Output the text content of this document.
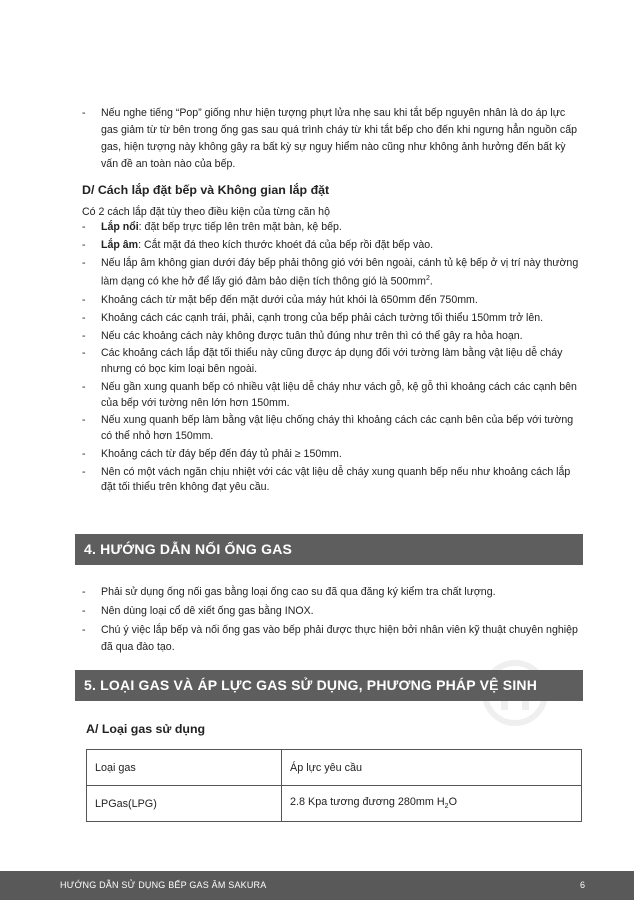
- Nếu nghe tiếng “Pop” giống như hiện tượng phựt lửa nhẹ sau khi tắt bếp nguyên nhân là do áp lực gas giảm từ từ bên trong ống gas sau quá trình cháy từ khi tắt bếp cho đến khi ngưng hẳn nguồn cấp gas, hiện tượng này không gây ra bất kỳ sự nguy hiểm nào cũng như không ảnh hưởng đến bất kỳ vấn đề an toàn nào của bếp.
D/ Cách lắp đặt bếp và Không gian lắp đặt
Có 2 cách lắp đặt tùy theo điều kiện của từng căn hộ
- Lắp nổi: đặt bếp trực tiếp lên trên mặt bàn, kệ bếp.
- Lắp âm: Cắt mặt đá theo kích thước khoét đá của bếp rồi đặt bếp vào.
- Nếu lắp âm không gian dưới đáy bếp phải thông gió với bên ngoài, cánh tủ kệ bếp ở vị trí này thường làm dạng có khe hở để lấy gió đảm bảo diện tích thông gió là $500mm^2$.
- Khoảng cách từ mặt bếp đến mặt dưới của máy hút khói là 650mm đến 750mm.
- Khoảng cách các cạnh trái, phải, cạnh trong của bếp phải cách tường tối thiểu 150mm trở lên.
- Nếu các khoảng cách này không được tuân thủ đúng như trên thì có thể gây ra hỏa hoạn.
- Các khoảng cách lắp đặt tối thiểu này cũng được áp dụng đối với tường làm bằng vật liệu dễ cháy nhưng có bọc kim loại bên ngoài.
- Nếu gần xung quanh bếp có nhiều vật liệu dễ cháy như vách gỗ, kệ gỗ thì khoảng cách các cạnh bên của bếp với tường nên lớn hơn 150mm.
- Nếu xung quanh bếp làm bằng vật liệu chống cháy thì khoảng cách các cạnh bên của bếp với tường có thể nhỏ hơn 150mm.
- Khoảng cách từ đáy bếp đến đáy tủ phải ≥ 150mm.
- Nên có một vách ngăn chịu nhiệt với các vật liệu dễ cháy xung quanh bếp nếu như khoảng cách lắp đặt tối thiểu trên không đạt yêu cầu.
4. HƯỚNG DẪN NỐI ỐNG GAS
- Phải sử dụng ống nối gas bằng loại ống cao su đã qua đăng ký kiểm tra chất lượng.
- Nên dùng loại cổ dê xiết ống gas bằng INOX.
- Chú ý việc lắp bếp và nối ống gas vào bếp phải được thực hiện bởi nhân viên kỹ thuật chuyên nghiệp đã qua đào tạo.
5. LOẠI GAS VÀ ÁP LỰC GAS SỬ DỤNG, PHƯƠNG PHÁP VỆ SINH
A/ Loại gas sử dụng
Loại gas	Áp lực yêu cầu
LPGas(LPG)	2.8 Kpa tương đương 280mm $H_2O$
HƯỚNG DẪN SỬ DỤNG BẾP GAS ÂM SAKURA	6
